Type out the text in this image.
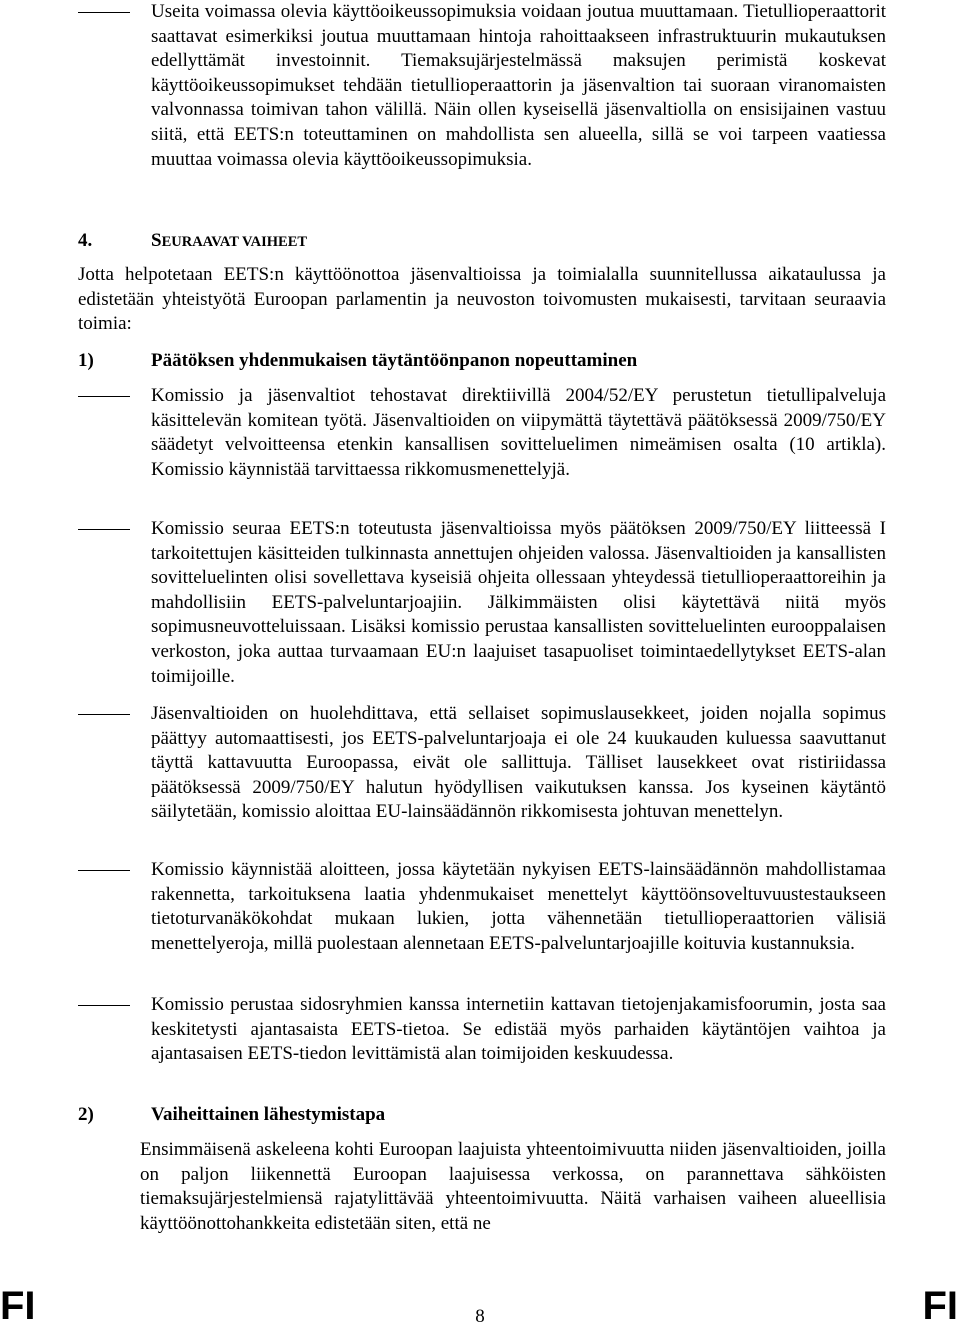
Useita voimassa olevia käyttöoikeussopimuksia voidaan joutua muuttamaan. Tietullioperaattorit saattavat esimerkiksi joutua muuttamaan hintoja rahoittaakseen infrastruktuurin mukautuksen edellyttämät investoinnit. Tiemaksujärjestelmässä maksujen perimistä koskevat käyttöoikeussopimukset tehdään tietullioperaattorin ja jäsenvaltion tai suoraan viranomaisten valvonnassa toimivan tahon välillä. Näin ollen kyseisellä jäsenvaltiolla on ensisijainen vastuu siitä, että EETS:n toteuttaminen on mahdollista sen alueella, sillä se voi tarpeen vaatiessa muuttaa voimassa olevia käyttöoikeussopimuksia.
4.	SEURAAVAT VAIHEET
Jotta helpotetaan EETS:n käyttöönottoa jäsenvaltioissa ja toimialalla suunnitellussa aikataulussa ja edistetään yhteistyötä Euroopan parlamentin ja neuvoston toivomusten mukaisesti, tarvitaan seuraavia toimia:
1)	Päätöksen yhdenmukaisen täytäntöönpanon nopeuttaminen
Komissio ja jäsenvaltiot tehostavat direktiivillä 2004/52/EY perustetun tietullipalveluja käsittelevän komitean työtä. Jäsenvaltioiden on viipymättä täytettävä päätöksessä 2009/750/EY säädetyt velvoitteensa etenkin kansallisen sovitteluelimen nimeämisen osalta (10 artikla). Komissio käynnistää tarvittaessa rikkomusmenettelyjä.
Komissio seuraa EETS:n toteutusta jäsenvaltioissa myös päätöksen 2009/750/EY liitteessä I tarkoitettujen käsitteiden tulkinnasta annettujen ohjeiden valossa. Jäsenvaltioiden ja kansallisten sovitteluelinten olisi sovellettava kyseisiä ohjeita ollessaan yhteydessä tietullioperaattoreihin ja mahdollisiin EETS-palveluntarjoajiin. Jälkimmäisten olisi käytettävä niitä myös sopimusneuvotteluissaan. Lisäksi komissio perustaa kansallisten sovitteluelinten eurooppalaisen verkoston, joka auttaa turvaamaan EU:n laajuiset tasapuoliset toimintaedellytykset EETS-alan toimijoille.
Jäsenvaltioiden on huolehdittava, että sellaiset sopimuslausekkeet, joiden nojalla sopimus päättyy automaattisesti, jos EETS-palveluntarjoaja ei ole 24 kuukauden kuluessa saavuttanut täyttä kattavuutta Euroopassa, eivät ole sallittuja. Tälliset lausekkeet ovat ristiriidassa päätöksessä 2009/750/EY halutun hyödyllisen vaikutuksen kanssa. Jos kyseinen käytäntö säilytetään, komissio aloittaa EU-lainsäädännön rikkomisesta johtuvan menettelyn.
Komissio käynnistää aloitteen, jossa käytetään nykyisen EETS-lainsäädännön mahdollistamaa rakennetta, tarkoituksena laatia yhdenmukaiset menettelyt käyttöönsoveltuvuustestaukseen tietoturvanäkökohdat mukaan lukien, jotta vähennetään tietullioperaattorien välisiä menettelyeroja, millä puolestaan alennetaan EETS-palveluntarjoajille koituvia kustannuksia.
Komissio perustaa sidosryhmien kanssa internetiin kattavan tietojenjakamisfoorumin, josta saa keskitetysti ajantasaista EETS-tietoa. Se edistää myös parhaiden käytäntöjen vaihtoa ja ajantasaisen EETS-tiedon levittämistä alan toimijoiden keskuudessa.
2)	Vaiheittainen lähestymistapa
Ensimmäisenä askeleena kohti Euroopan laajuista yhteentoimivuutta niiden jäsenvaltioiden, joilla on paljon liikennettä Euroopan laajuisessa verkossa, on parannettava sähköisten tiemaksujärjestelmiensä rajatylittävää yhteentoimivuutta. Näitä varhaisen vaiheen alueellisia käyttöönottohankkeita edistetään siten, että ne
FI	8	FI
